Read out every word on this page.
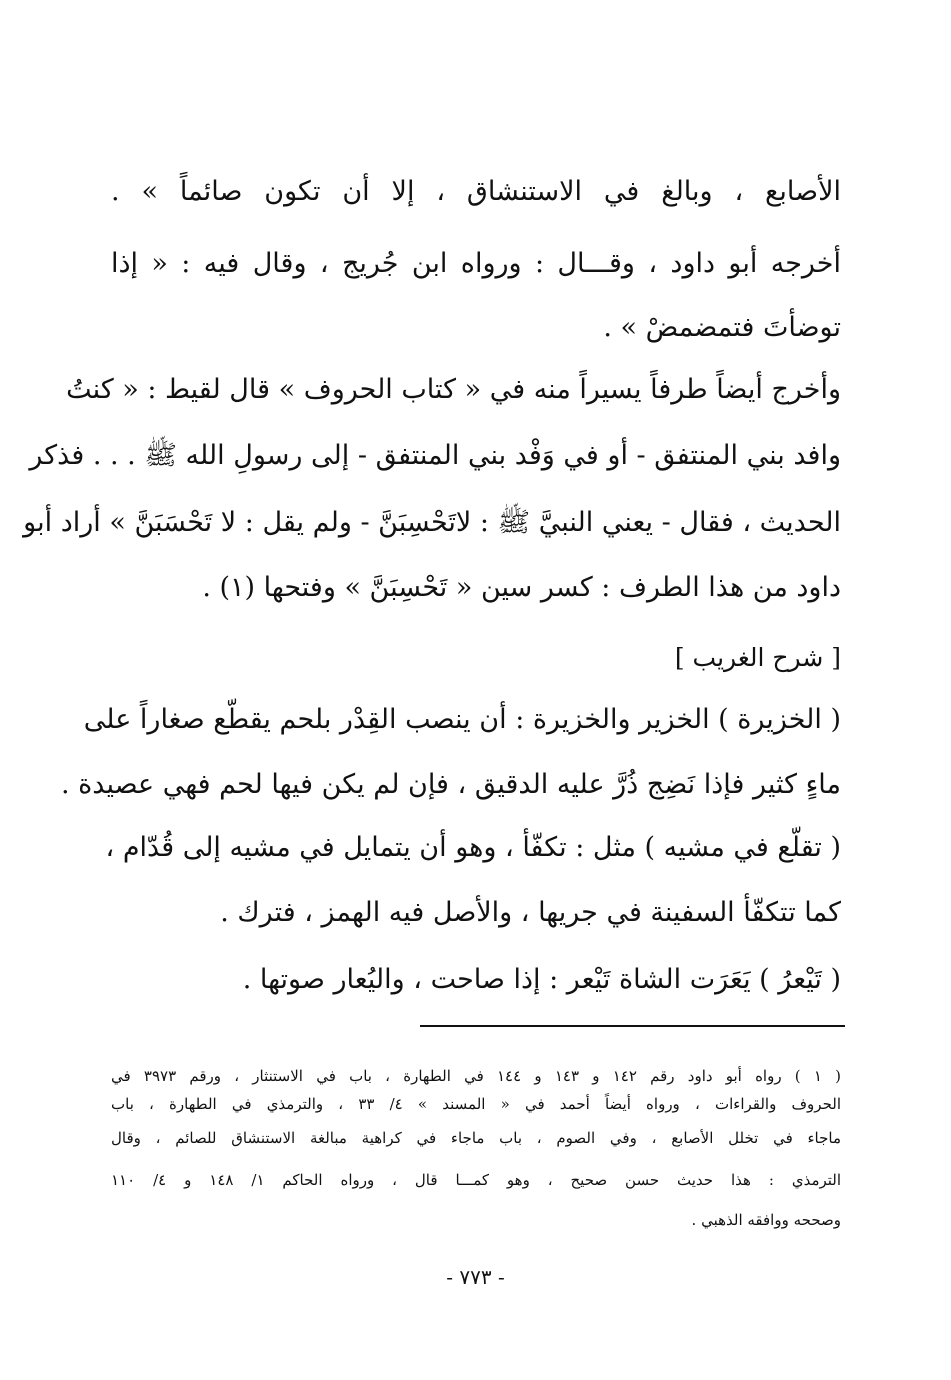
الأصابع ، وبالغ في الاستنشاق ، إلا أن تكون صائماً » .
أخرجه أبو داود ، وقـــال : ورواه ابن جُريج ، وقال فيه : « إذا
توضأتَ فتمضمضْ » .
وأخرج أيضاً طرفاً يسيراً منه في « كتاب الحروف » قال لقيط : « كنتُ
وافد بني المنتفق - أو في وَفْد بني المنتفق - إلى رسولِ الله ﷺ . . . فذكر
الحديث ، فقال - يعني النبيَّ ﷺ : لاتَحْسِبَنَّ - ولم يقل : لا تَحْسَبَنَّ » أراد أبو
داود من هذا الطرف : كسر سين « تَحْسِبَنَّ » وفتحها (١) .
[ شرح الغريب ]
( الخزيرة ) الخزير والخزيرة : أن ينصب القِدْر بلحم يقطّع صغاراً على
ماءٍ كثير فإذا نَضِج ذُرَّ عليه الدقيق ، فإن لم يكن فيها لحم فهي عصيدة .
( تقلّع في مشيه ) مثل : تكفّأ ، وهو أن يتمايل في مشيه إلى قُدّام ،
كما تتكفّأ السفينة في جريها ، والأصل فيه الهمز ، فترك .
( تَيْعرُ ) يَعَرَت الشاة تَيْعر : إذا صاحت ، واليُعار صوتها .
( ١ ) رواه أبو داود رقم ١٤٢ و ١٤٣ و ١٤٤ في الطهارة ، باب في الاستنثار ، ورقم ٣٩٧٣ في
الحروف والقراءات ، ورواه أيضاً أحمد في « المسند » ٤/ ٣٣ ، والترمذي في الطهارة ، باب
ماجاء في تخلل الأصابع ، وفي الصوم ، باب ماجاء في كراهية مبالغة الاستنشاق للصائم ، وقال
الترمذي : هذا حديث حسن صحيح ، وهو كمـــا قال ، ورواه الحاكم ١/ ١٤٨ و ٤/ ١١٠
وصححه ووافقه الذهبي .
- ٧٧٣ -
